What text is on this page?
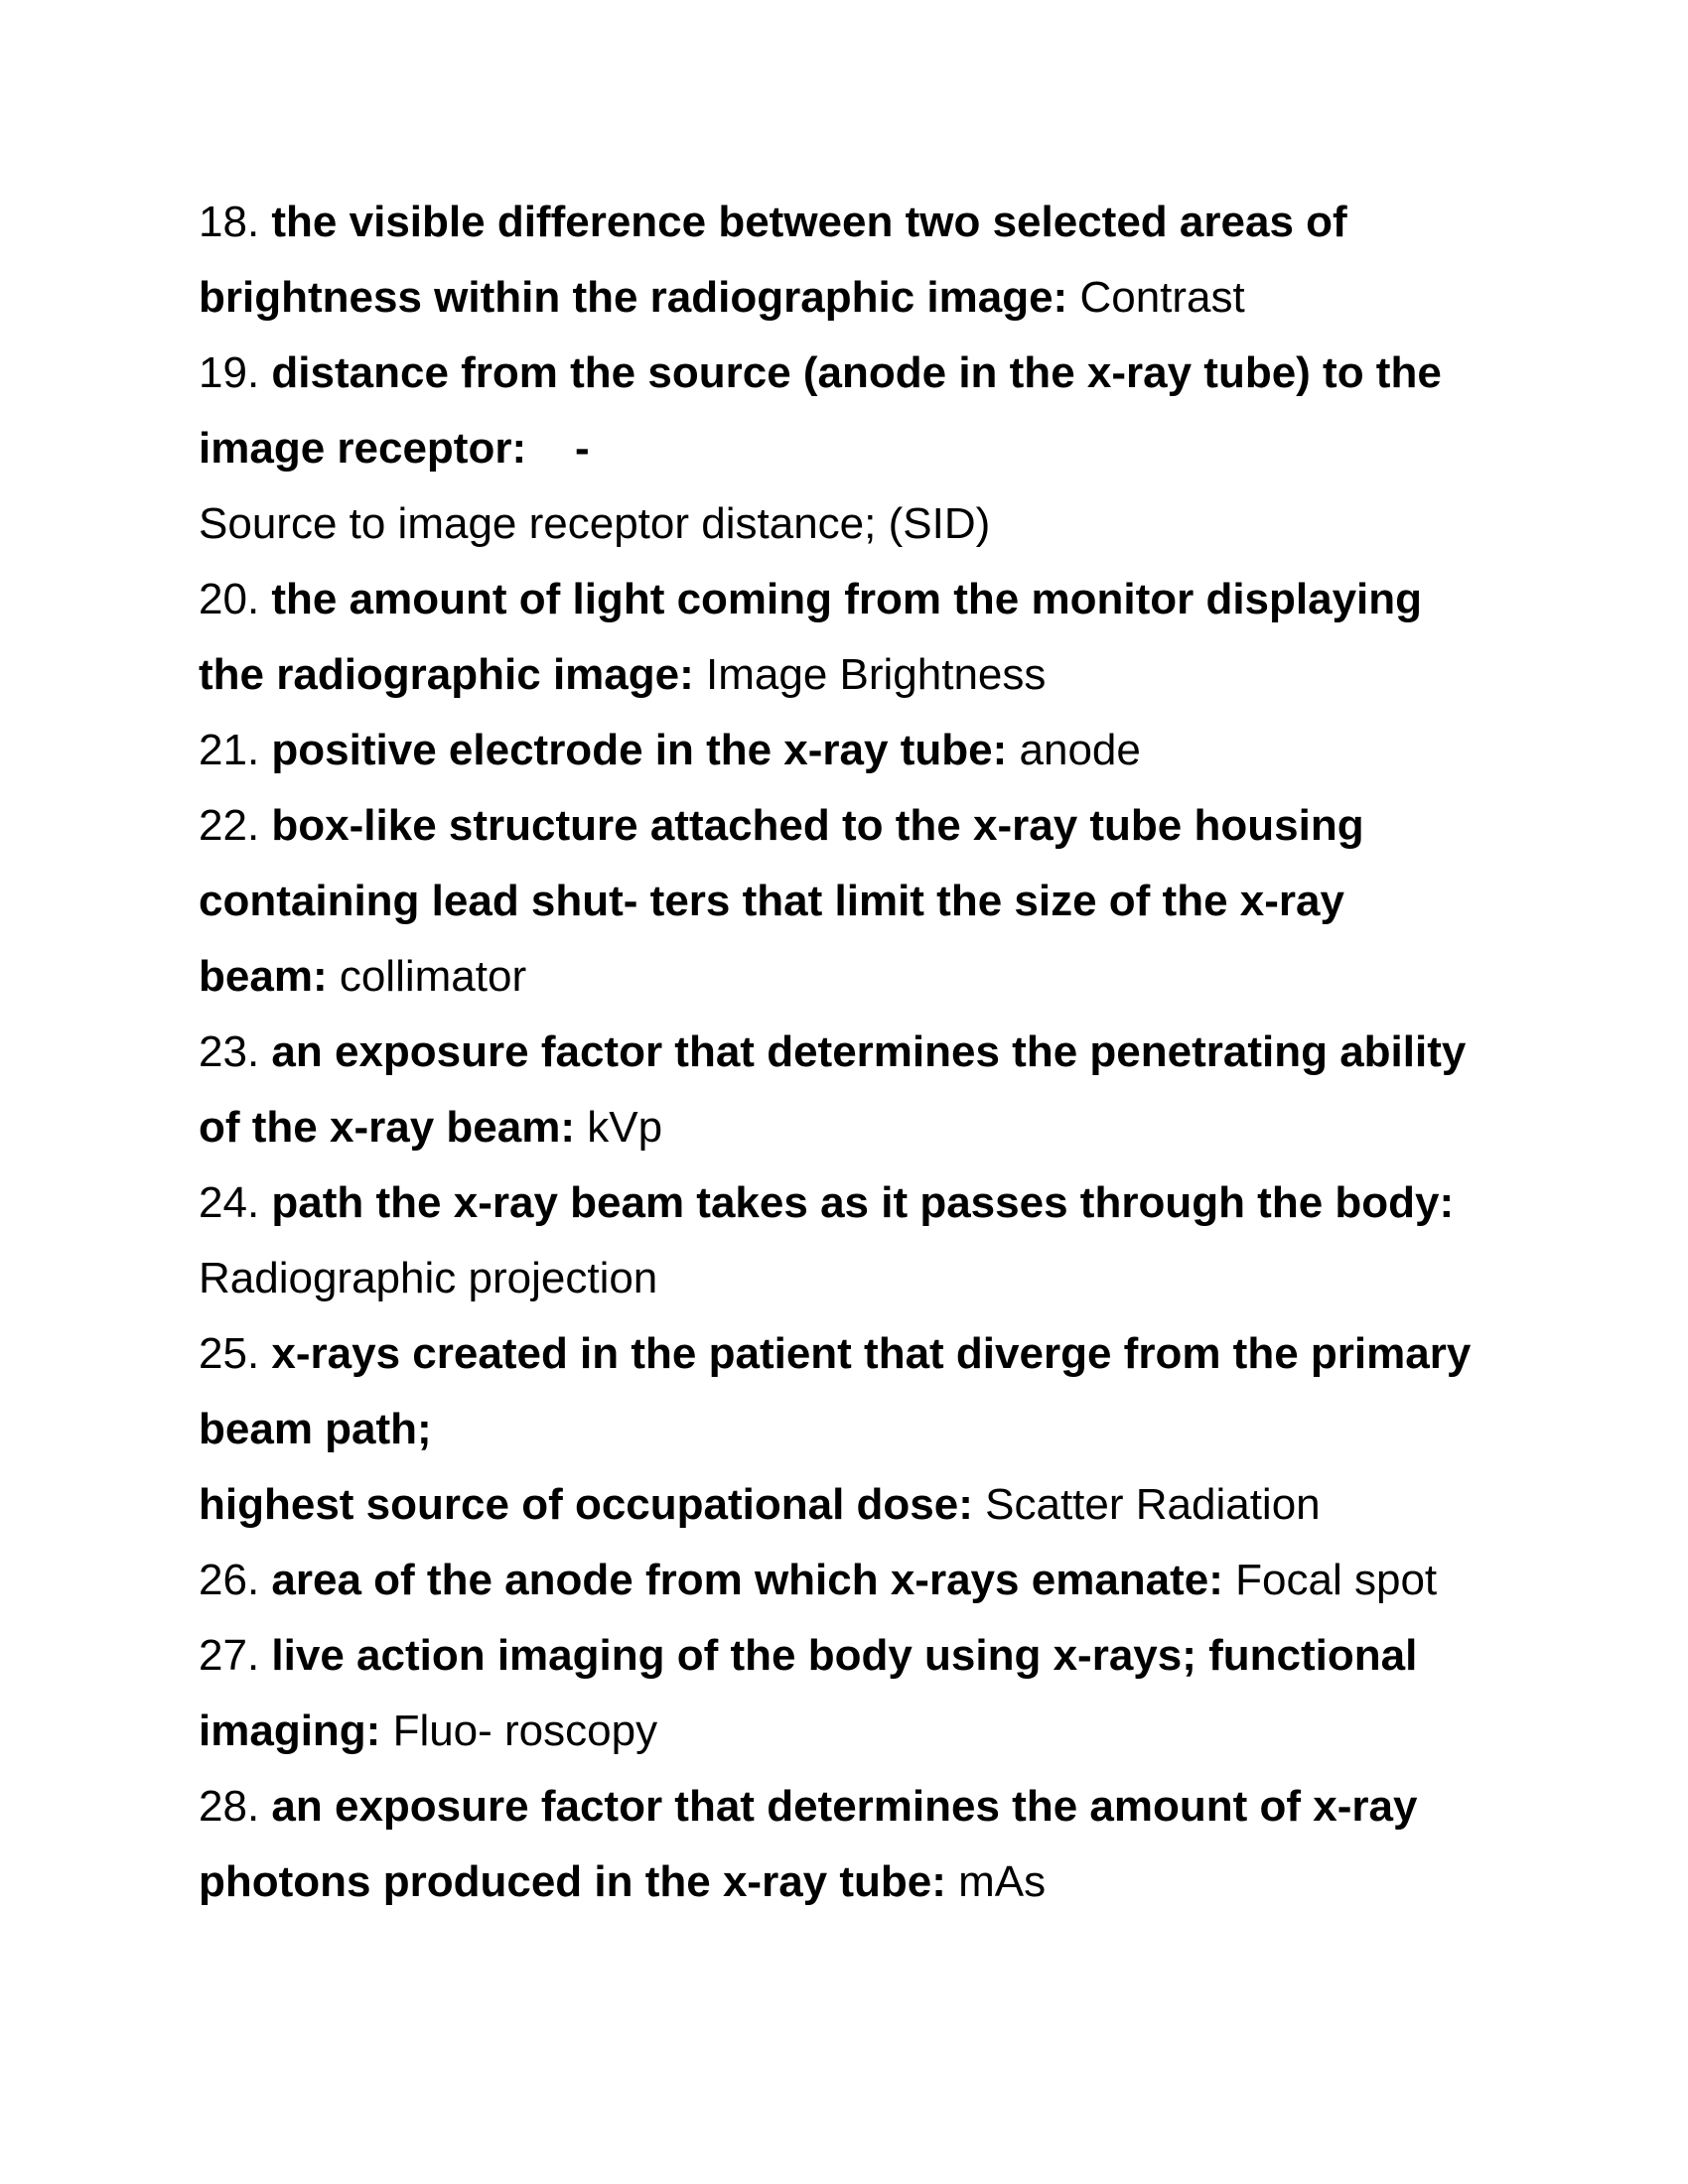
18. the visible difference between two selected areas of
brightness within the radiographic image: Contrast
19. distance from the source (anode in the x-ray tube) to the
image receptor:    -
Source to image receptor distance; (SID)
20. the amount of light coming from the monitor displaying
the radiographic image: Image Brightness
21. positive electrode in the x-ray tube: anode
22. box-like structure attached to the x-ray tube housing
containing lead shut- ters that limit the size of the x-ray
beam: collimator
23. an exposure factor that determines the penetrating ability
of the x-ray beam: kVp
24. path the x-ray beam takes as it passes through the body:
Radiographic projection
25. x-rays created in the patient that diverge from the primary
beam path;
highest source of occupational dose: Scatter Radiation
26. area of the anode from which x-rays emanate: Focal spot
27. live action imaging of the body using x-rays; functional
imaging: Fluo- roscopy
28. an exposure factor that determines the amount of x-ray
photons produced in the x-ray tube: mAs
